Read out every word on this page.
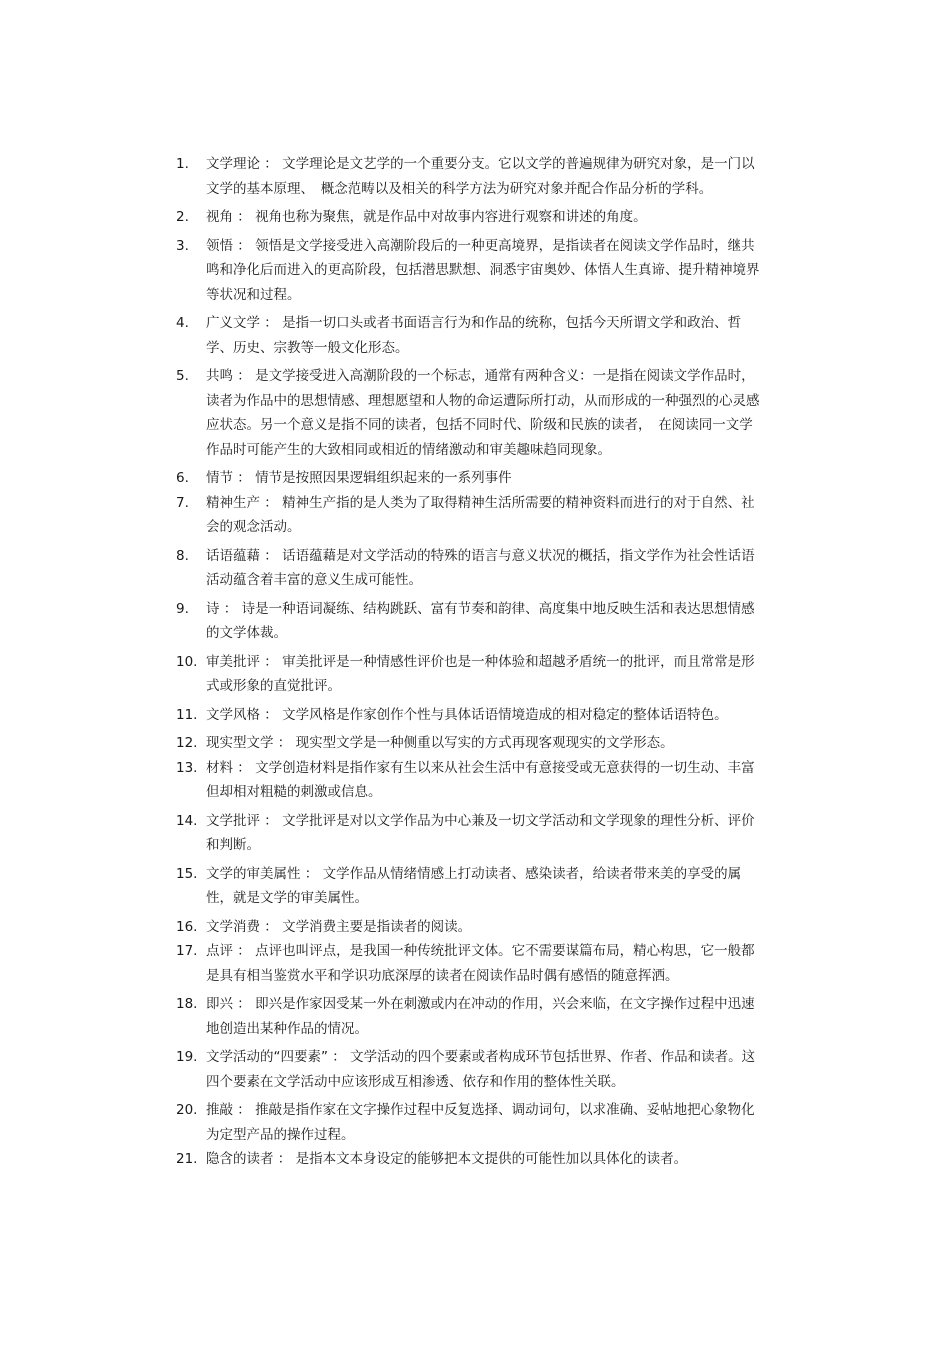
1.	文学理论 ： 文学理论是文艺学的一个重要分支。它以文学的普遍规律为研究对象，是一门以文学的基本原理、　概念范畴以及相关的科学方法为研究对象并配合作品分析的学科。
2.	视角 ： 视角也称为聚焦，就是作品中对故事内容进行观察和讲述的角度。
3.	领悟 ： 领悟是文学接受进入高潮阶段后的一种更高境界，是指读者在阅读文学作品时，继共鸣和净化后而进入的更高阶段，包括潜思默想、洞悉宇宙奥妙、体悟人生真谛、提升精神境界等状况和过程。
4.	广义文学 ： 是指一切口头或者书面语言行为和作品的统称，包括今天所谓文学和政治、哲学、历史、宗教等一般文化形态。
5.	共鸣 ： 是文学接受进入高潮阶段的一个标志，通常有两种含义：一是指在阅读文学作品时，读者为作品中的思想情感、理想愿望和人物的命运遭际所打动，从而形成的一种强烈的心灵感应状态。另一个意义是指不同的读者，包括不同时代、阶级和民族的读者，　在阅读同一文学作品时可能产生的大致相同或相近的情绪激动和审美趣味趋同现象。
6.	情节 ： 情节是按照因果逻辑组织起来的一系列事件
7.	精神生产 ： 精神生产指的是人类为了取得精神生活所需要的精神资料而进行的对于自然、社会的观念活动。
8.	话语蕴藉 ： 话语蕴藉是对文学活动的特殊的语言与意义状况的概括，指文学作为社会性话语活动蕴含着丰富的意义生成可能性。
9.	诗 ： 诗是一种语词凝练、结构跳跃、富有节奏和韵律、高度集中地反映生活和表达思想情感的文学体裁。
10. 审美批评 ： 审美批评是一种情感性评价也是一种体验和超越矛盾统一的批评，而且常常是形式或形象的直觉批评。
11. 文学风格 ： 文学风格是作家创作个性与具体话语情境造成的相对稳定的整体话语特色。
12. 现实型文学 ： 现实型文学是一种侧重以写实的方式再现客观现实的文学形态。
13. 材料 ： 文学创造材料是指作家有生以来从社会生活中有意接受或无意获得的一切生动、丰富但却相对粗糙的刺激或信息。
14. 文学批评 ： 文学批评是对以文学作品为中心兼及一切文学活动和文学现象的理性分析、评价和判断。
15. 文学的审美属性 ： 文学作品从情绪情感上打动读者、感染读者，给读者带来美的享受的属性，就是文学的审美属性。
16. 文学消费 ： 文学消费主要是指读者的阅读。
17. 点评 ： 点评也叫评点，是我国一种传统批评文体。它不需要谋篇布局，精心构思，它一般都是具有相当鉴赏水平和学识功底深厚的读者在阅读作品时偶有感悟的随意挥洒。
18. 即兴 ： 即兴是作家因受某一外在刺激或内在冲动的作用，兴会来临，在文字操作过程中迅速地创造出某种作品的情况。
19. 文学活动的“四要素” ： 文学活动的四个要素或者构成环节包括世界、作者、作品和读者。这四个要素在文学活动中应该形成互相渗透、依存和作用的整体性关联。
20. 推敲 ： 推敲是指作家在文字操作过程中反复选择、调动词句，以求准确、妥帖地把心象物化为定型产品的操作过程。
21. 隐含的读者 ： 是指本文本身设定的能够把本文提供的可能性加以具体化的读者。
